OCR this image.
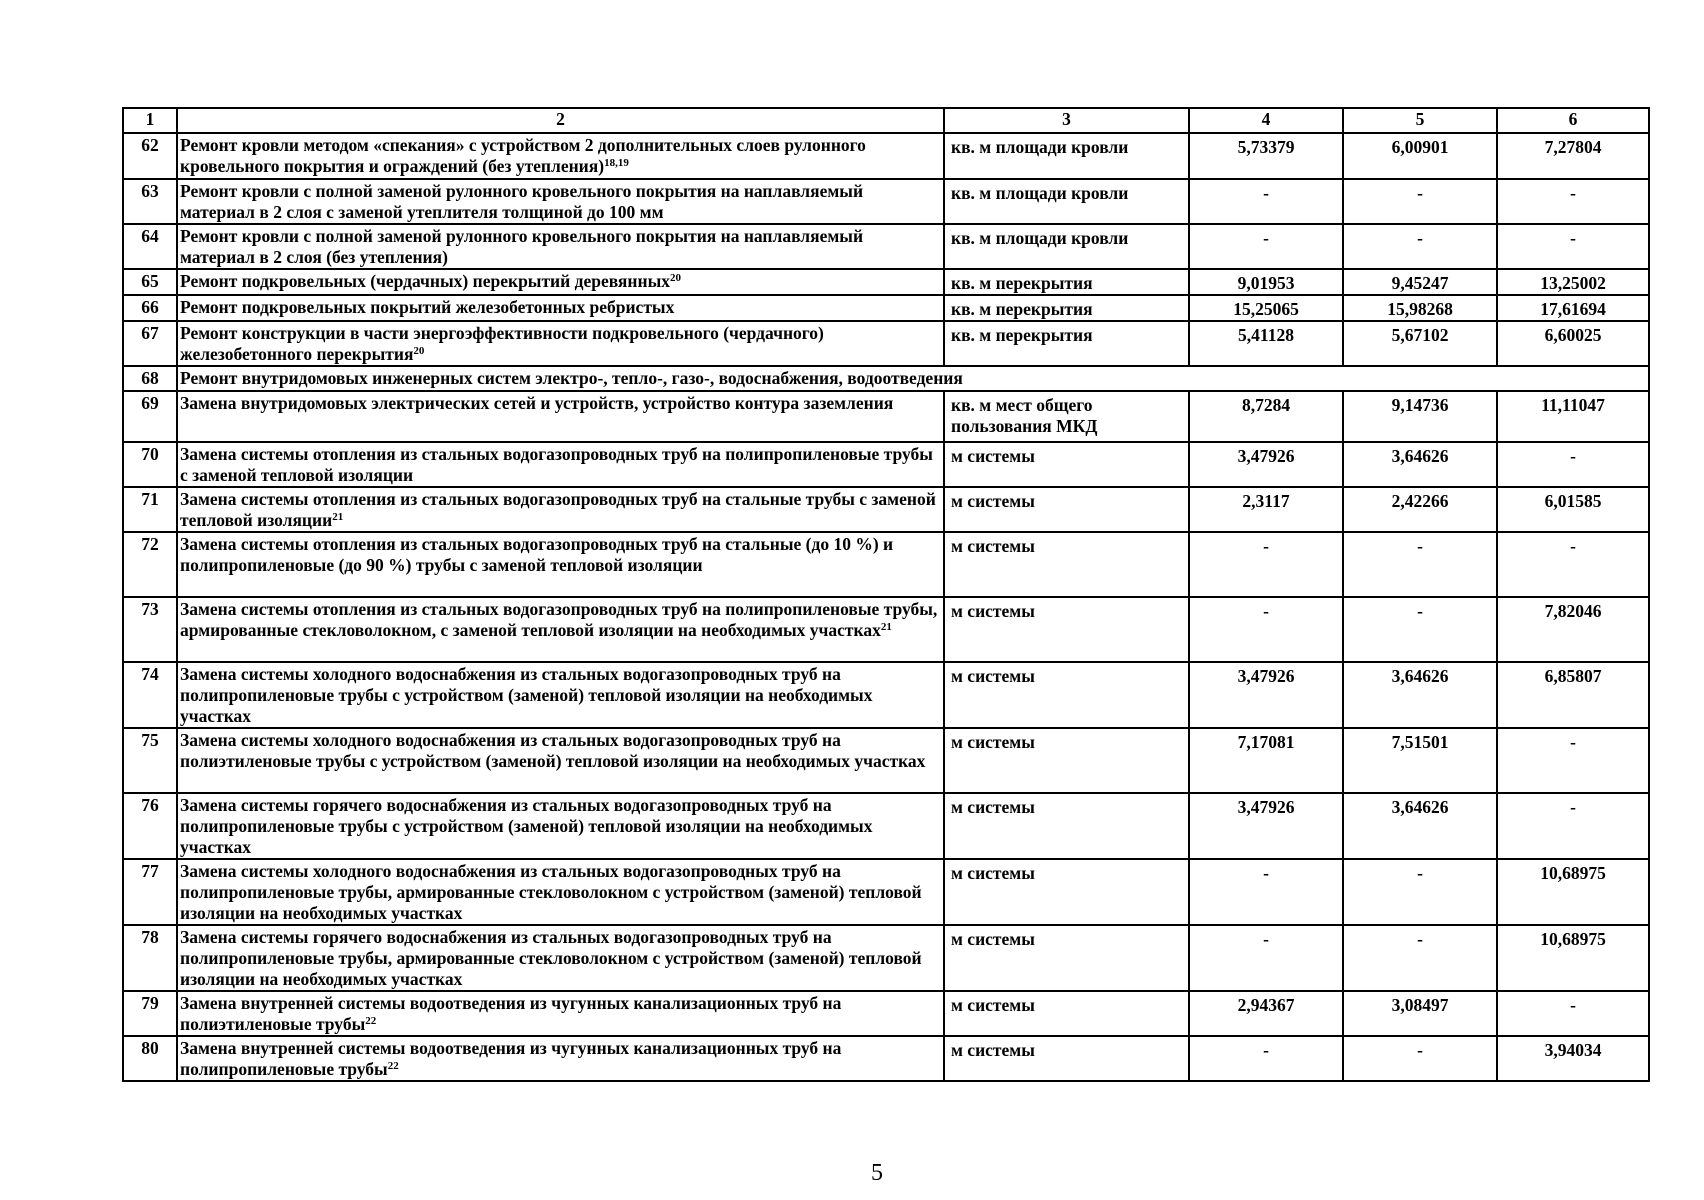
1	2	3	4	5	6
62	Ремонт кровли методом «спекания» с устройством 2 дополнительных слоев рулонного кровельного покрытия и ограждений (без утепления)$^{18,19}$	кв. м площади кровли	5,73379	6,00901	7,27804
63	Ремонт кровли с полной заменой рулонного кровельного покрытия на наплавляемый материал в 2 слоя с заменой утеплителя толщиной до 100 мм	кв. м площади кровли	-	-	-
64	Ремонт кровли с полной заменой рулонного кровельного покрытия на наплавляемый материал в 2 слоя (без утепления)	кв. м площади кровли	-	-	-
65	Ремонт подкровельных (чердачных) перекрытий деревянных$^{20}$	кв. м перекрытия	9,01953	9,45247	13,25002
66	Ремонт подкровельных покрытий железобетонных ребристых	кв. м перекрытия	15,25065	15,98268	17,61694
67	Ремонт конструкции в части энергоэффективности подкровельного (чердачного) железобетонного перекрытия$^{20}$	кв. м перекрытия	5,41128	5,67102	6,60025
68	Ремонт внутридомовых инженерных систем электро-, тепло-, газо-, водоснабжения, водоотведения				
69	Замена внутридомовых электрических сетей и устройств, устройство контура заземления	кв. м мест общего пользования МКД	8,7284	9,14736	11,11047
70	Замена системы отопления из стальных водогазопроводных труб на полипропиленовые трубы с заменой тепловой изоляции	м системы	3,47926	3,64626	-
71	Замена системы отопления из стальных водогазопроводных труб на стальные трубы с заменой тепловой изоляции$^{21}$	м системы	2,3117	2,42266	6,01585
72	Замена системы отопления из стальных водогазопроводных труб на стальные (до 10 %) и полипропиленовые (до 90 %) трубы с заменой тепловой изоляции	м системы	-	-	-
73	Замена системы отопления из стальных водогазопроводных труб на полипропиленовые трубы, армированные стекловолокном, с заменой тепловой изоляции на необходимых участках$^{21}$	м системы	-	-	7,82046
74	Замена системы холодного водоснабжения из стальных водогазопроводных труб на полипропиленовые трубы с устройством (заменой) тепловой изоляции на необходимых участках	м системы	3,47926	3,64626	6,85807
75	Замена системы холодного водоснабжения из стальных водогазопроводных труб на полиэтиленовые трубы с устройством (заменой) тепловой изоляции на необходимых участках	м системы	7,17081	7,51501	-
76	Замена системы горячего водоснабжения из стальных водогазопроводных труб на полипропиленовые трубы с устройством (заменой) тепловой изоляции на необходимых участках	м системы	3,47926	3,64626	-
77	Замена системы холодного водоснабжения из стальных водогазопроводных труб на полипропиленовые трубы, армированные стекловолокном с устройством (заменой) тепловой изоляции на необходимых участках	м системы	-	-	10,68975
78	Замена системы горячего водоснабжения из стальных водогазопроводных труб на полипропиленовые трубы, армированные стекловолокном с устройством (заменой) тепловой изоляции на необходимых участках	м системы	-	-	10,68975
79	Замена внутренней системы водоотведения из чугунных канализационных труб на полиэтиленовые трубы$^{22}$	м системы	2,94367	3,08497	-
80	Замена внутренней системы водоотведения из чугунных канализационных труб на полипропиленовые трубы$^{22}$	м системы	-	-	3,94034
5
